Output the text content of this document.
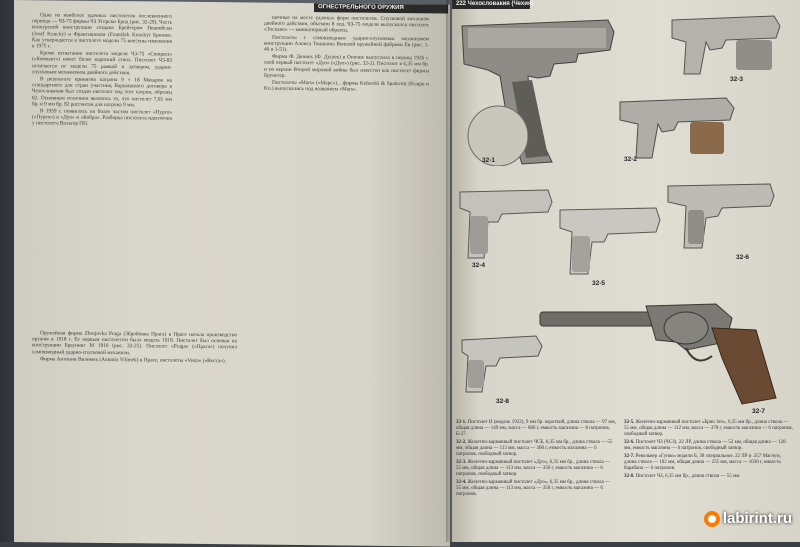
ОГНЕСТРЕЛЬНОГО ОРУЖИЯ

Одна из наиболее удачных пистолетов послевоенного периода — ЧЗ-75 фирмы ЧЗ Угерски Брод (рис. 32-29). Часть конкурсной конструкции создана Брейтером Невинбски (Josef Koucký) и Франтишеком (František Koucký) Брожом. Как утверждается в пистолете модели 75 внесены изменения в 1975 г.

Кроме испытания пистолета модели ЧЗ-75 «Compact» («Компакт») имеет более короткий ствол. Пистолет ЧЗ-83 отличается от модели 75 рамкой и затвором, ударно-спусковым механизмом двойного действия.

В результате принятия патрона 9 × 18 Макаров на стандартного для стран участниц Варшавского договора в Чехословакии был создан пистолет под этот патрон, образец 82. Основным отличием являлось то, что пистолет 7,65 мм бр. и 9 мм бр. 82 рассчитан для патрона 9 мм.

В 1959 г. появилось по более частям пистолет «Пурго» («Пурго») и «Дуо» и «Кобра». Разборка пистолета идентична у пистолета Вальтер ПП.

шечные на месте удачных форм пистолетов. Спусковой механизм двойного действия, объемом 8 ход. ЧЗ-75 модели выпускался пистолет «Тоскано» — миниатюрный образец.

Пистолеты с самовзводным ударно-спусковым механизмом конструкции Алоиса Тоникина Венской оружейной фабрики Ев (рис. 1-40 и 1-51).

Фирма Ф. Дюшек (Ф. Душек) в Опочне выпустила в период 1926 г. свой первый пистолет «Дуо» («Дуо») (рис. 32-2). Пистолет в 6,35 мм бр. и по версии Второй мировой войны был известен как пистолет фирмы Брунегер.

Пистолеты «Мars» («Марс»)... фирмы Koberski & Spalecest (Koupu и Ko.) выпускались под названием «Mars».

Оружейная фирма Zbrojovka Praga (Збройовка Прага) в Праге начала производство оружия в 1918 г. Ее первым пистолетом была модель 1918. Пистолет был основан на конструкции Браунинг М 1910 (рис. 32-25). Пистолет «Praga» («Прага») получил самовзводный ударно-спусковой механизм.

Фирма Антонин Вилимек (Antonín Vilímek) в Праге, пистолеты «Vesta» («Веста»).

222 Чехословакия (Чехия)
32-3
32-1	32-2
32-4
32-5
32-6
32-7
32-8

32-1. Пистолет Н (модель 1922), 9 мм бр. короткий, длина ствола — 97 мм, общая длина — 149 мм, масса — 680 г, емкость магазина — 8 патронов, Б-27.

32-2. Жилетно-карманный пистолет ЧСБ, 6,35 мм бр., длина ствола — 55 мм, общая длина — 113 мм, масса — 300 г, емкость магазина — 6 патронов, свободный затвор.

32-3. Жилетно-карманный пистолет «Дуо», 6,35 мм бр., длина ствола — 55 мм, общая длина — 113 мм, масса — 350 г, емкость магазина — 6 патронов, свободный затвор.

32-4. Жилетно-карманный пистолет «Дуо», 6,35 мм бр., длина ствола — 55 мм, общая длина — 113 мм, масса — 350 г, емкость магазина — 6 патронов.

32-5. Жилетно-карманный пистолет «Брно Зет», 6,35 мм бр., длина ствола — 55 мм, общая длина — 112 мм, масса — 370 г, емкость магазина — 6 патронов, свободный затвор.

32-6. Пистолет ЧЗ (ЧСЗ), 22 ЛР, длина ствола — 52 мм, общая длина — 128 мм, емкость магазина — 6 патронов, свободный затвор.

32-7. Револьвер «Гунко» модели Б, 38 специальное, 22 ЛР и .357 Магнум, длина ствола — 102 мм, общая длина — 235 мм, масса — 1030 г, емкость барабана — 6 патронов.

32-8. Пистолет ЧЗ, 6,35 мм бр., длина ствола — 55 мм.

labirint.ru
